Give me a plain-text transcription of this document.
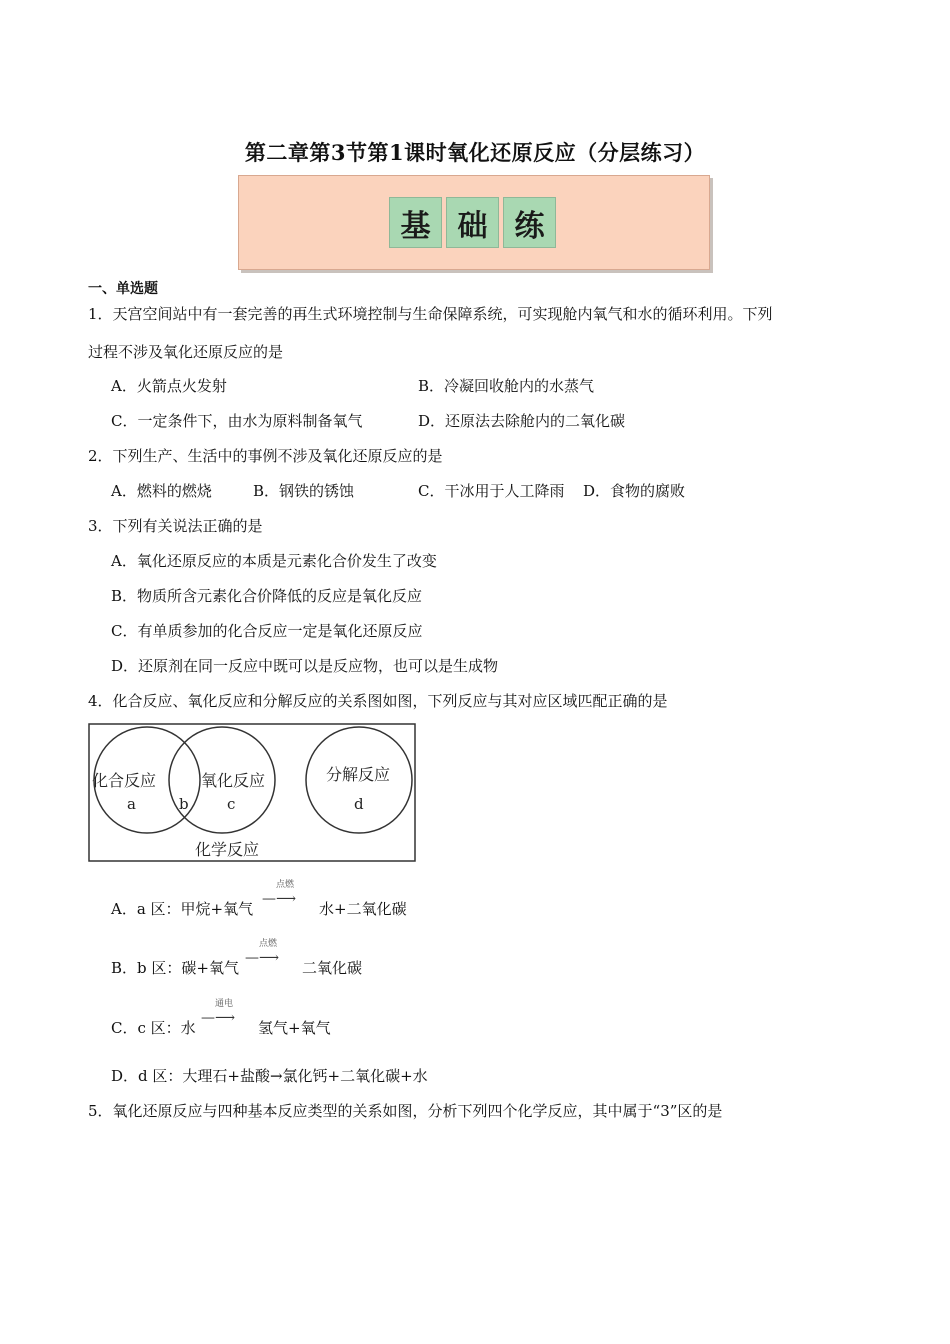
第二章第3节第1课时氧化还原反应（分层练习）
基 础 练
一、单选题
1．天宫空间站中有一套完善的再生式环境控制与生命保障系统，可实现舱内氧气和水的循环利用。下列
过程不涉及氧化还原反应的是
A．火箭点火发射	B．冷凝回收舱内的水蒸气
C．一定条件下，由水为原料制备氧气	D．还原法去除舱内的二氧化碳
2．下列生产、生活中的事例不涉及氧化还原反应的是
A．燃料的燃烧	B．钢铁的锈蚀	C．干冰用于人工降雨 D．食物的腐败
3．下列有关说法正确的是
A．氧化还原反应的本质是元素化合价发生了改变
B．物质所含元素化合价降低的反应是氧化反应
C．有单质参加的化合反应一定是氧化还原反应
D．还原剂在同一反应中既可以是反应物，也可以是生成物
4．化合反应、氧化反应和分解反应的关系图如图，下列反应与其对应区域匹配正确的是
化合反应	氧化反应	分解反应
化学反应
a	b	c	d
A．a 区：甲烷+氧气
点燃
—⟶
水+二氧化碳
B．b 区：碳+氧气
点燃
—⟶
二氧化碳
C．c 区：水
通电
—⟶
氢气+氧气
D．d 区：大理石+盐酸→氯化钙+二氧化碳+水
5．氧化还原反应与四种基本反应类型的关系如图，分析下列四个化学反应，其中属于“3”区的是
